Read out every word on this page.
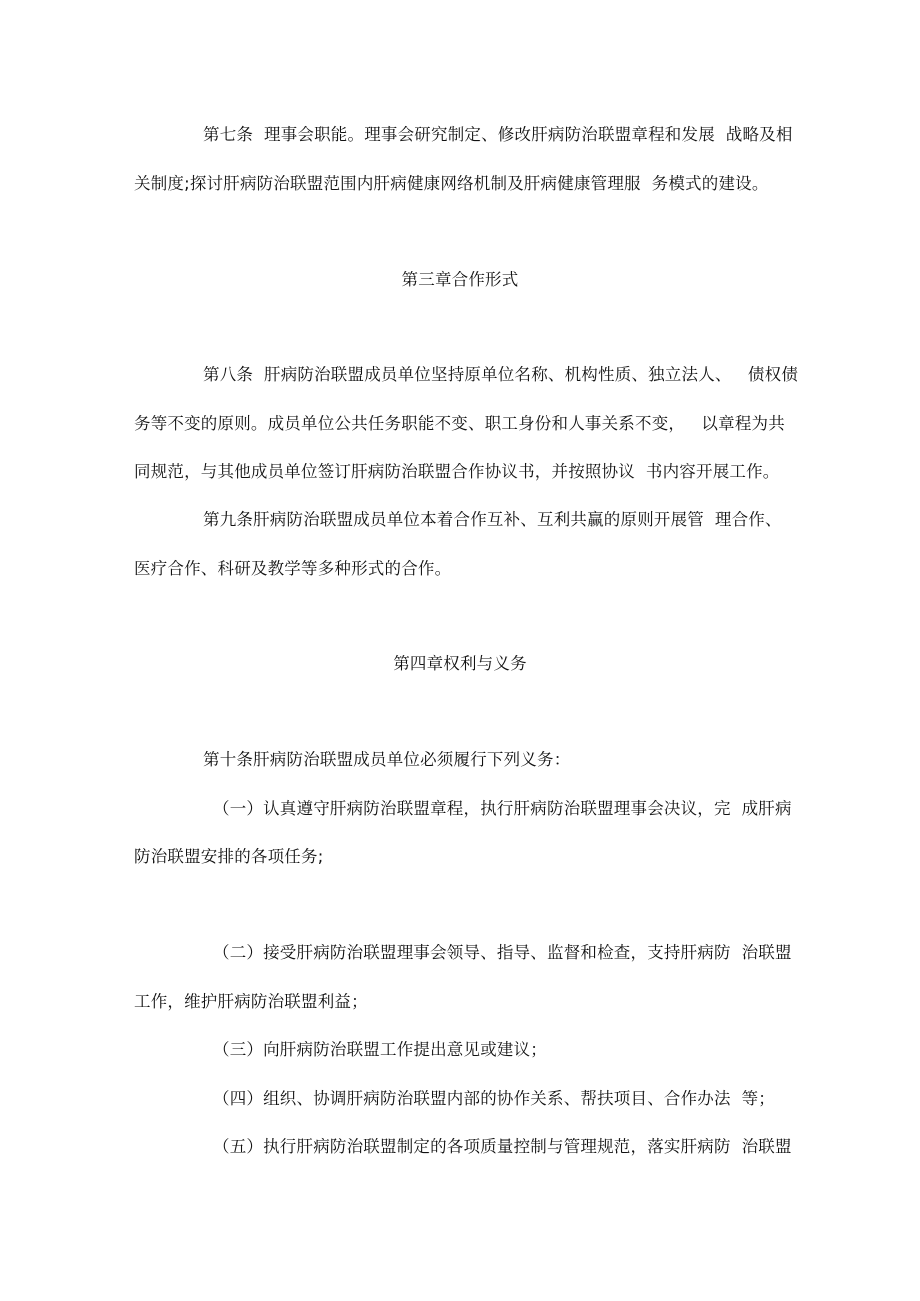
第七条  理事会职能。理事会研究制定、修改肝病防治联盟章程和发展  战略及相
关制度;探讨肝病防治联盟范围内肝病健康网络机制及肝病健康管理服  务模式的建设。
第三章合作形式
第八条  肝病防治联盟成员单位坚持原单位名称、机构性质、独立法人、   债权债
务等不变的原则。成员单位公共任务职能不变、职工身份和人事关系不变，   以章程为共
同规范，与其他成员单位签订肝病防治联盟合作协议书，并按照协议  书内容开展工作。
第九条肝病防治联盟成员单位本着合作互补、互利共赢的原则开展管  理合作、
医疗合作、科研及教学等多种形式的合作。
第四章权利与义务
第十条肝病防治联盟成员单位必须履行下列义务：
（一）认真遵守肝病防治联盟章程，执行肝病防治联盟理事会决议，完  成肝病
防治联盟安排的各项任务;
（二）接受肝病防治联盟理事会领导、指导、监督和检查，支持肝病防  治联盟
工作，维护肝病防治联盟利益；
（三）向肝病防治联盟工作提出意见或建议；
（四）组织、协调肝病防治联盟内部的协作关系、帮扶项目、合作办法  等；
（五）执行肝病防治联盟制定的各项质量控制与管理规范，落实肝病防  治联盟
